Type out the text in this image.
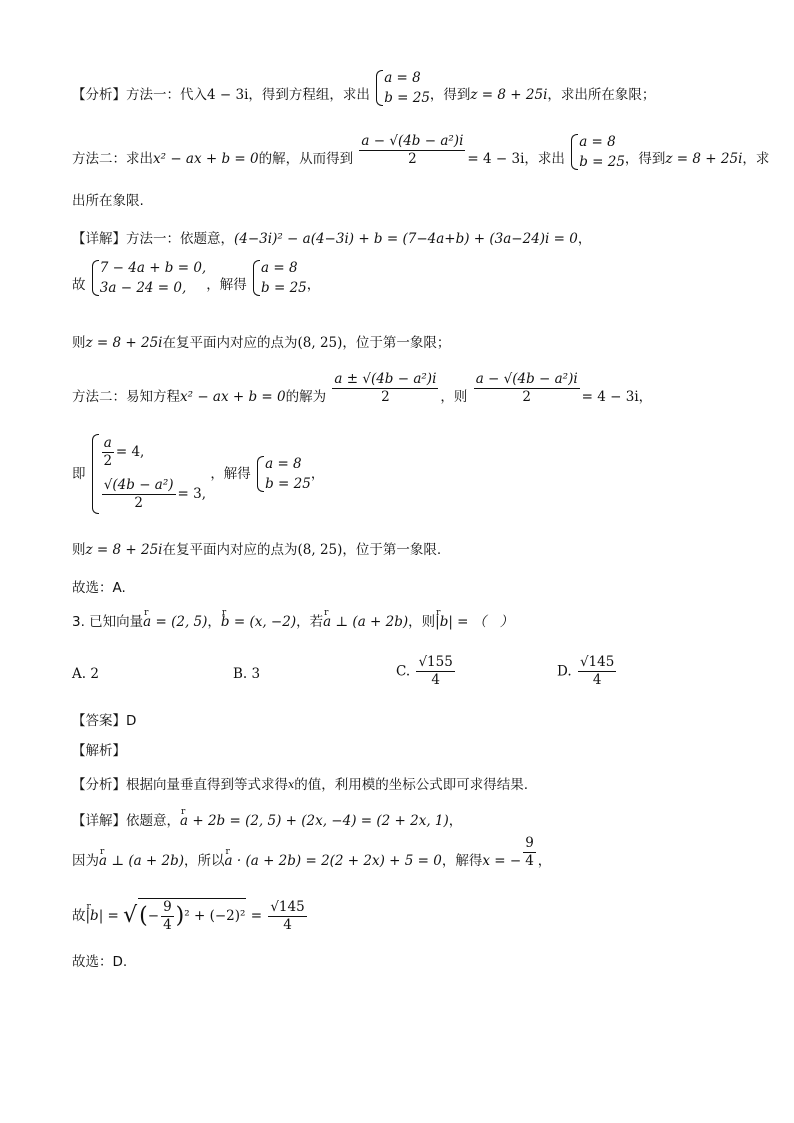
【分析】方法一：代入4 − 3i，得到方程组，求出
a = 8
b = 25 ，得到z = 8 + 25i，求出所在象限；
方法二：求出x² − ax + b = 0的解，从而得到 $\frac{\text{a − √(4b − a²)i}}{2} = 4 - 3i$，求出
a = 8
b = 25 ，得到z = 8 + 25i，求
出所在象限.
【详解】方法一：依题意，(4−3i)² − a(4−3i) + b = (7−4a+b) + (3a−24)i = 0，
故
7 − 4a + b = 0,
3a − 24 = 0,	，解得
a = 8
b = 25 ，
则z = 8 + 25i在复平面内对应的点为(8, 25)，位于第一象限；
方法二：易知方程x² − ax + b = 0的解为 $\frac{\text{a ± √(4b − a²)i}}{2}$ ，则 $\frac{\text{a − √(4b − a²)i}}{2} = 4 - 3i$，
即
$\frac{a}{2} = 4$,
$\frac{\text{√(4b − a²)}}{2} = 3$,
，解得
a = 8
b = 25
，
则z = 8 + 25i在复平面内对应的点为(8, 25)，位于第一象限.
故选：A.
3. 已知向量r a = (2, 5)，r b = (x, −2)，若r a ⊥ (a + 2b)，则r |b| = （　）
A. 2	B. 3	C. $\frac{√155}{4}$	D. $\frac{√145}{4}$
【答案】D
【解析】
【分析】根据向量垂直得到等式求得$^x$的值，利用模的坐标公式即可求得结果.
【详解】依题意，r a + 2b = (2, 5) + (2x, −4) = (2 + 2x, 1)，
因为r a ⊥ (a + 2b)，所以r a · (a + 2b) = 2(2 + 2x) + 5 = 0，解得x = − $\frac{9}{4}$ ，
故r |b| = √(− $\frac{9}{4} )^2 + (-2)^2 = \frac{√145}{4}$
故选：D.
